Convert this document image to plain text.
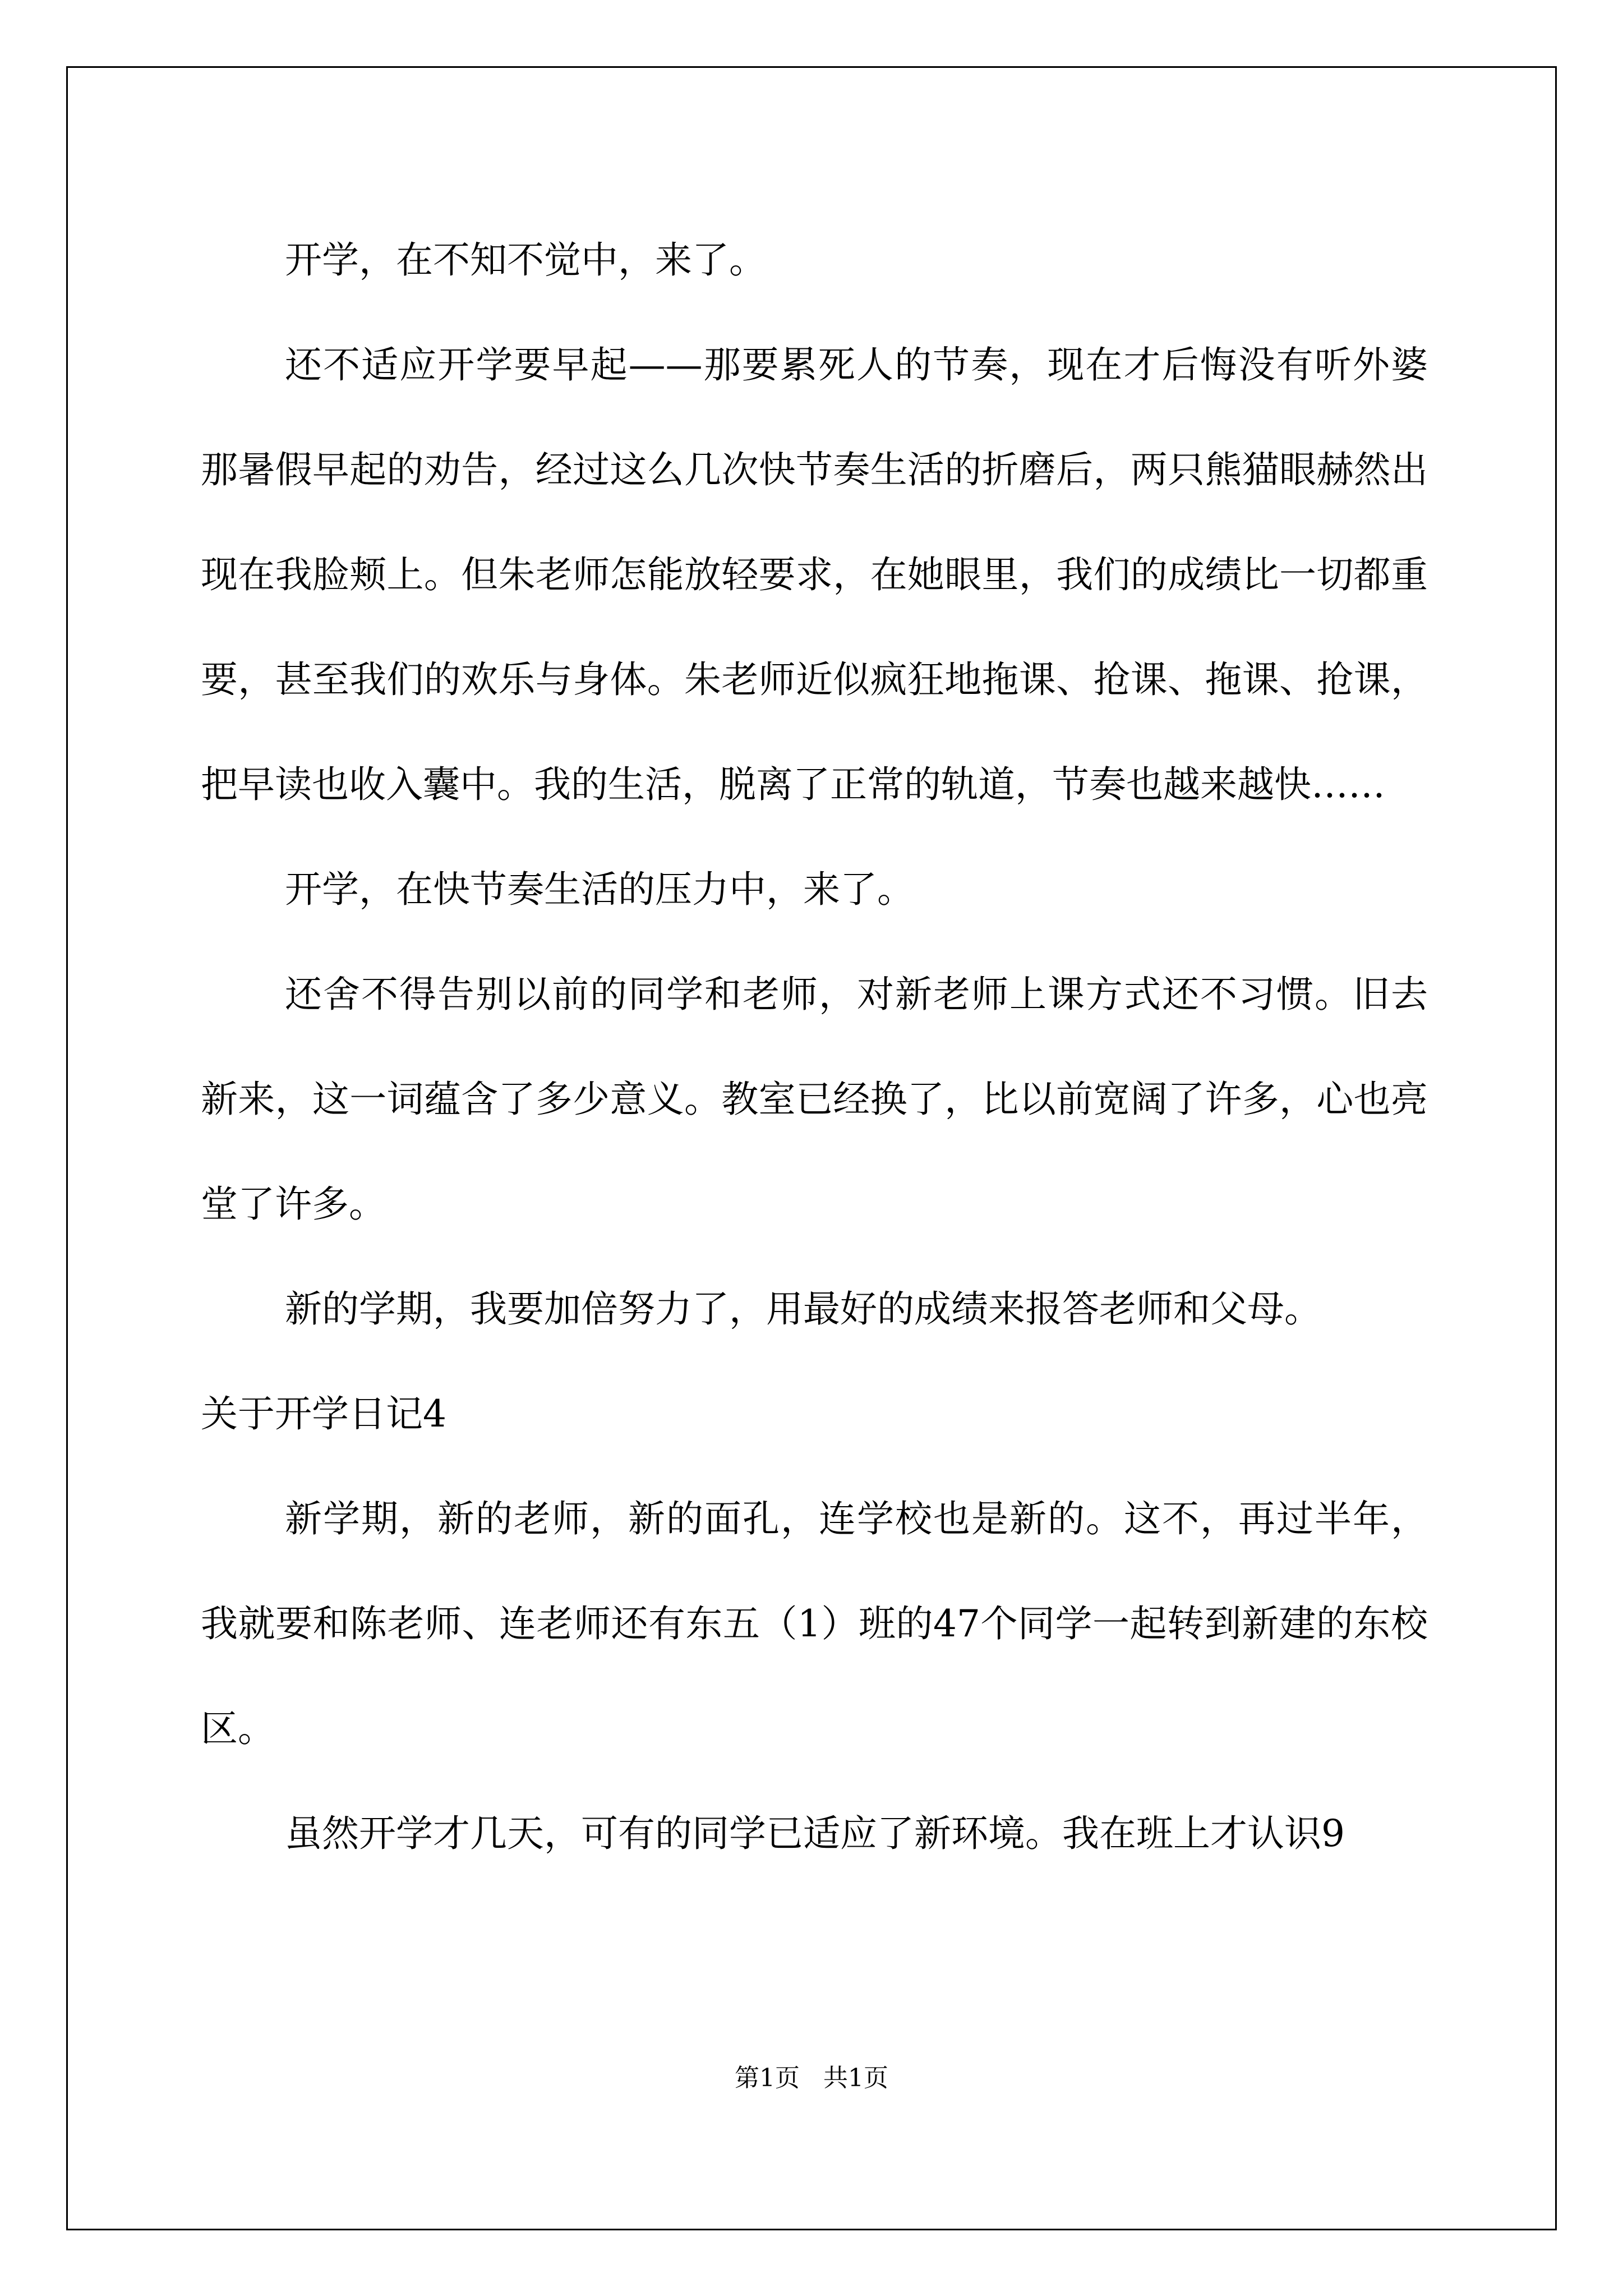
开学，在不知不觉中，来了。

还不适应开学要早起——那要累死人的节奏，现在才后悔没有听外婆那暑假早起的劝告，经过这么几次快节奏生活的折磨后，两只熊猫眼赫然出现在我脸颊上。但朱老师怎能放轻要求，在她眼里，我们的成绩比一切都重要，甚至我们的欢乐与身体。朱老师近似疯狂地拖课、抢课、拖课、抢课，把早读也收入囊中。我的生活，脱离了正常的轨道，节奏也越来越快……

开学，在快节奏生活的压力中，来了。

还舍不得告别以前的同学和老师，对新老师上课方式还不习惯。旧去新来，这一词蕴含了多少意义。教室已经换了，比以前宽阔了许多，心也亮堂了许多。

新的学期，我要加倍努力了，用最好的成绩来报答老师和父母。

关于开学日记4

新学期，新的老师，新的面孔，连学校也是新的。这不，再过半年，我就要和陈老师、连老师还有东五（1）班的47个同学一起转到新建的东校区。

虽然开学才几天，可有的同学已适应了新环境。我在班上才认识9

第1页   共1页
